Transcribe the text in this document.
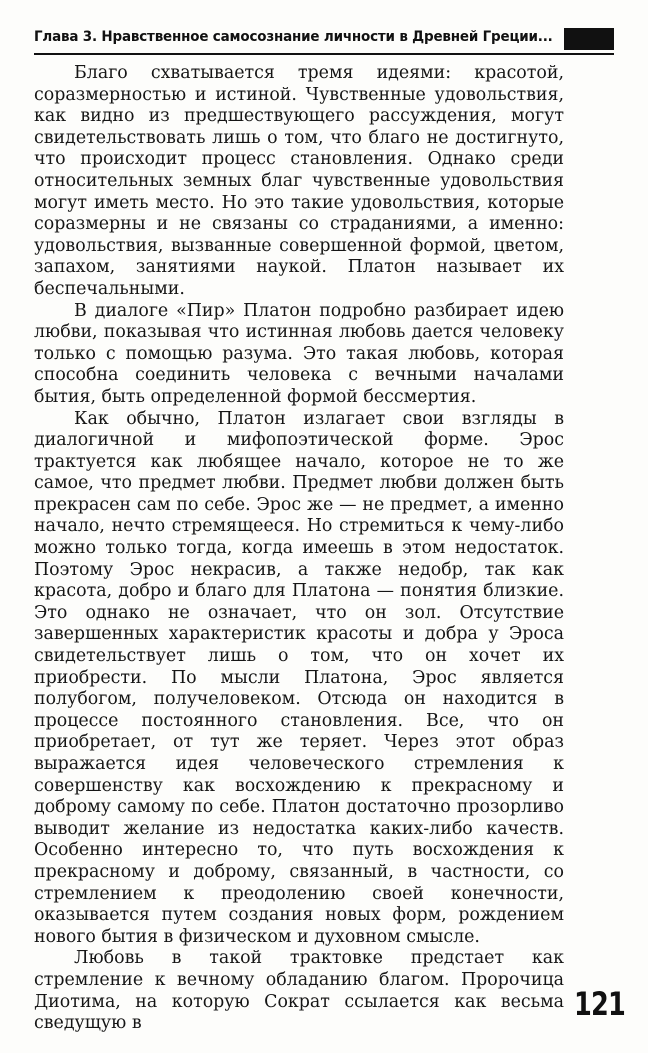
Глава 3. Нравственное самосознание личности в Древней Греции...

Благо схватывается тремя идеями: красотой, соразмерностью и истиной. Чувственные удовольствия, как видно из предшествующего рассуждения, могут свидетельствовать лишь о том, что благо не достигнуто, что происходит процесс становления. Однако среди относительных земных благ чувственные удовольствия могут иметь место. Но это такие удовольствия, которые соразмерны и не связаны со страданиями, а именно: удовольствия, вызванные совершенной формой, цветом, запахом, занятиями наукой. Платон называет их беспечальными.

В диалоге «Пир» Платон подробно разбирает идею любви, показывая что истинная любовь дается человеку только с помощью разума. Это такая любовь, которая способна соединить человека с вечными началами бытия, быть определенной формой бессмертия.

Как обычно, Платон излагает свои взгляды в диалогичной и мифопоэтической форме. Эрос трактуется как любящее начало, которое не то же самое, что предмет любви. Предмет любви должен быть прекрасен сам по себе. Эрос же — не предмет, а именно начало, нечто стремящееся. Но стремиться к чему-либо можно только тогда, когда имеешь в этом недостаток. Поэтому Эрос некрасив, а также недобр, так как красота, добро и благо для Платона — понятия близкие. Это однако не означает, что он зол. Отсутствие завершенных характеристик красоты и добра у Эроса свидетельствует лишь о том, что он хочет их приобрести. По мысли Платона, Эрос является полубогом, получеловеком. Отсюда он находится в процессе постоянного становления. Все, что он приобретает, от тут же теряет. Через этот образ выражается идея человеческого стремления к совершенству как восхождению к прекрасному и доброму самому по себе. Платон достаточно прозорливо выводит желание из недостатка каких-либо качеств. Особенно интересно то, что путь восхождения к прекрасному и доброму, связанный, в частности, со стремлением к преодолению своей конечности, оказывается путем создания новых форм, рождением нового бытия в физическом и духовном смысле.

Любовь в такой трактовке предстает как стремление к вечному обладанию благом. Пророчица Диотима, на которую Сократ ссылается как весьма сведущую в

121
